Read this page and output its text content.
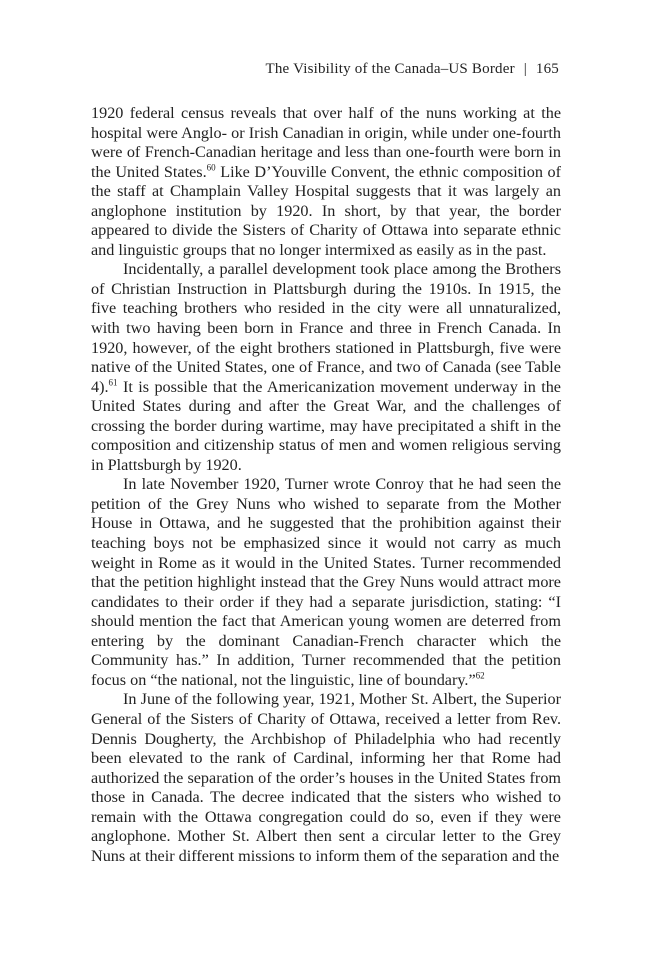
The Visibility of the Canada–US Border | 165

1920 federal census reveals that over half of the nuns working at the hospital were Anglo- or Irish Canadian in origin, while under one-fourth were of French-Canadian heritage and less than one-fourth were born in the United States.$^{60}$ Like D’Youville Convent, the ethnic composition of the staff at Champlain Valley Hospital suggests that it was largely an anglophone institution by 1920. In short, by that year, the border appeared to divide the Sisters of Charity of Ottawa into separate ethnic and linguistic groups that no longer intermixed as easily as in the past.

Incidentally, a parallel development took place among the Brothers of Christian Instruction in Plattsburgh during the 1910s. In 1915, the five teaching brothers who resided in the city were all unnaturalized, with two having been born in France and three in French Canada. In 1920, however, of the eight brothers stationed in Plattsburgh, five were native of the United States, one of France, and two of Canada (see Table 4).$^{61}$ It is possible that the Americanization movement underway in the United States during and after the Great War, and the challenges of crossing the border during wartime, may have precipitated a shift in the composition and citizenship status of men and women religious serving in Plattsburgh by 1920.

In late November 1920, Turner wrote Conroy that he had seen the petition of the Grey Nuns who wished to separate from the Mother House in Ottawa, and he suggested that the prohibition against their teaching boys not be emphasized since it would not carry as much weight in Rome as it would in the United States. Turner recommended that the petition highlight instead that the Grey Nuns would attract more candidates to their order if they had a separate jurisdiction, stating: “I should mention the fact that American young women are deterred from entering by the dominant Canadian-French character which the Community has.” In addition, Turner recommended that the petition focus on “the national, not the linguistic, line of boundary.”$^{62}$

In June of the following year, 1921, Mother St. Albert, the Superior General of the Sisters of Charity of Ottawa, received a letter from Rev. Dennis Dougherty, the Archbishop of Philadelphia who had recently been elevated to the rank of Cardinal, informing her that Rome had authorized the separation of the order’s houses in the United States from those in Canada. The decree indicated that the sisters who wished to remain with the Ottawa congregation could do so, even if they were anglophone. Mother St. Albert then sent a circular letter to the Grey Nuns at their different missions to inform them of the separation and the
